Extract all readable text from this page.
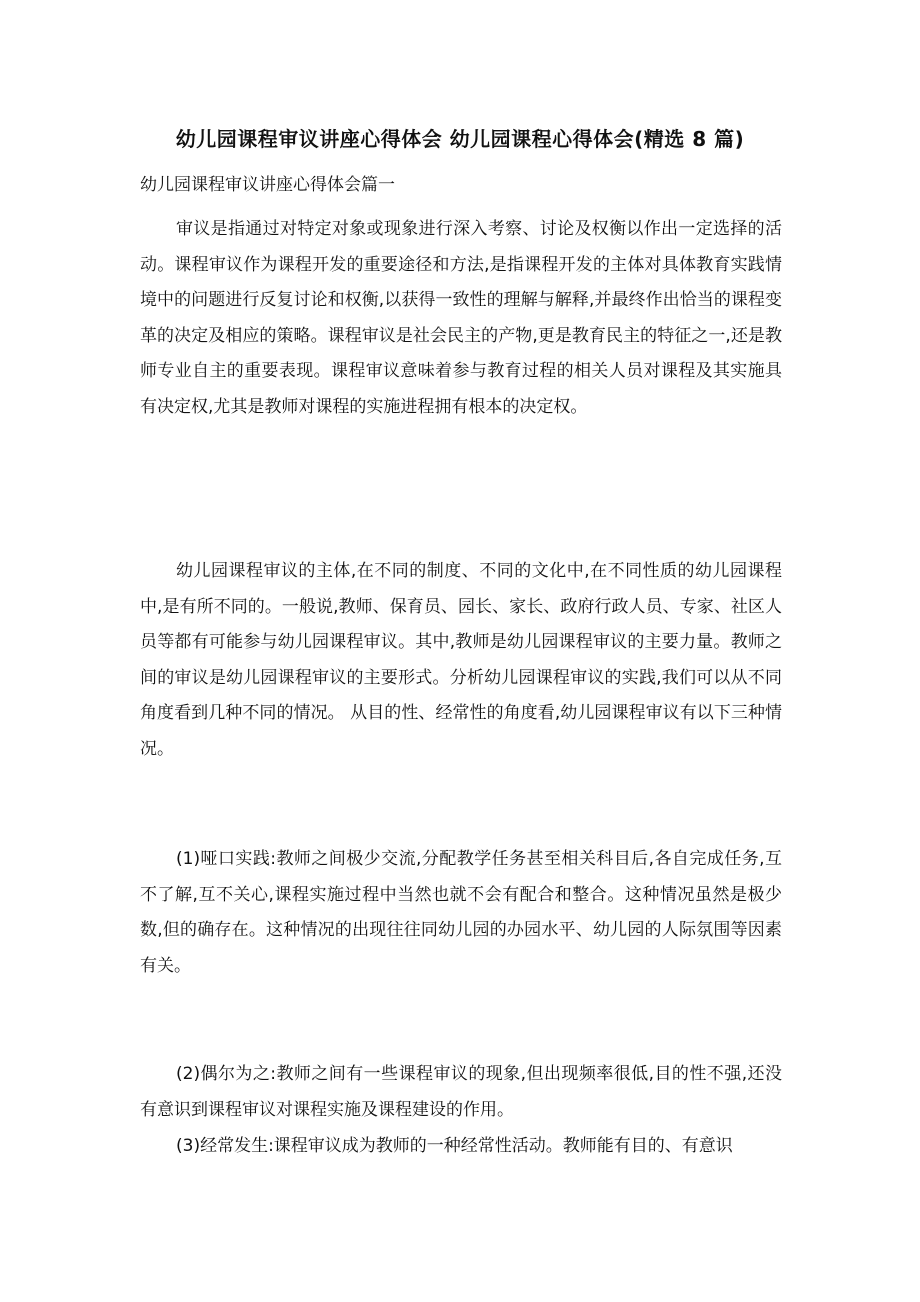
幼儿园课程审议讲座心得体会 幼儿园课程心得体会(精选 8 篇)
幼儿园课程审议讲座心得体会篇一

审议是指通过对特定对象或现象进行深入考察、讨论及权衡以作出一定选择的活动。课程审议作为课程开发的重要途径和方法,是指课程开发的主体对具体教育实践情境中的问题进行反复讨论和权衡,以获得一致性的理解与解释,并最终作出恰当的课程变革的决定及相应的策略。课程审议是社会民主的产物,更是教育民主的特征之一,还是教师专业自主的重要表现。课程审议意味着参与教育过程的相关人员对课程及其实施具有决定权,尤其是教师对课程的实施进程拥有根本的决定权。

幼儿园课程审议的主体,在不同的制度、不同的文化中,在不同性质的幼儿园课程中,是有所不同的。一般说,教师、保育员、园长、家长、政府行政人员、专家、社区人员等都有可能参与幼儿园课程审议。其中,教师是幼儿园课程审议的主要力量。教师之间的审议是幼儿园课程审议的主要形式。分析幼儿园课程审议的实践,我们可以从不同角度看到几种不同的情况。 从目的性、经常性的角度看,幼儿园课程审议有以下三种情况。

(1)哑口实践:教师之间极少交流,分配教学任务甚至相关科目后,各自完成任务,互不了解,互不关心,课程实施过程中当然也就不会有配合和整合。这种情况虽然是极少数,但的确存在。这种情况的出现往往同幼儿园的办园水平、幼儿园的人际氛围等因素有关。

(2)偶尔为之:教师之间有一些课程审议的现象,但出现频率很低,目的性不强,还没有意识到课程审议对课程实施及课程建设的作用。

(3)经常发生:课程审议成为教师的一种经常性活动。教师能有目的、有意识
